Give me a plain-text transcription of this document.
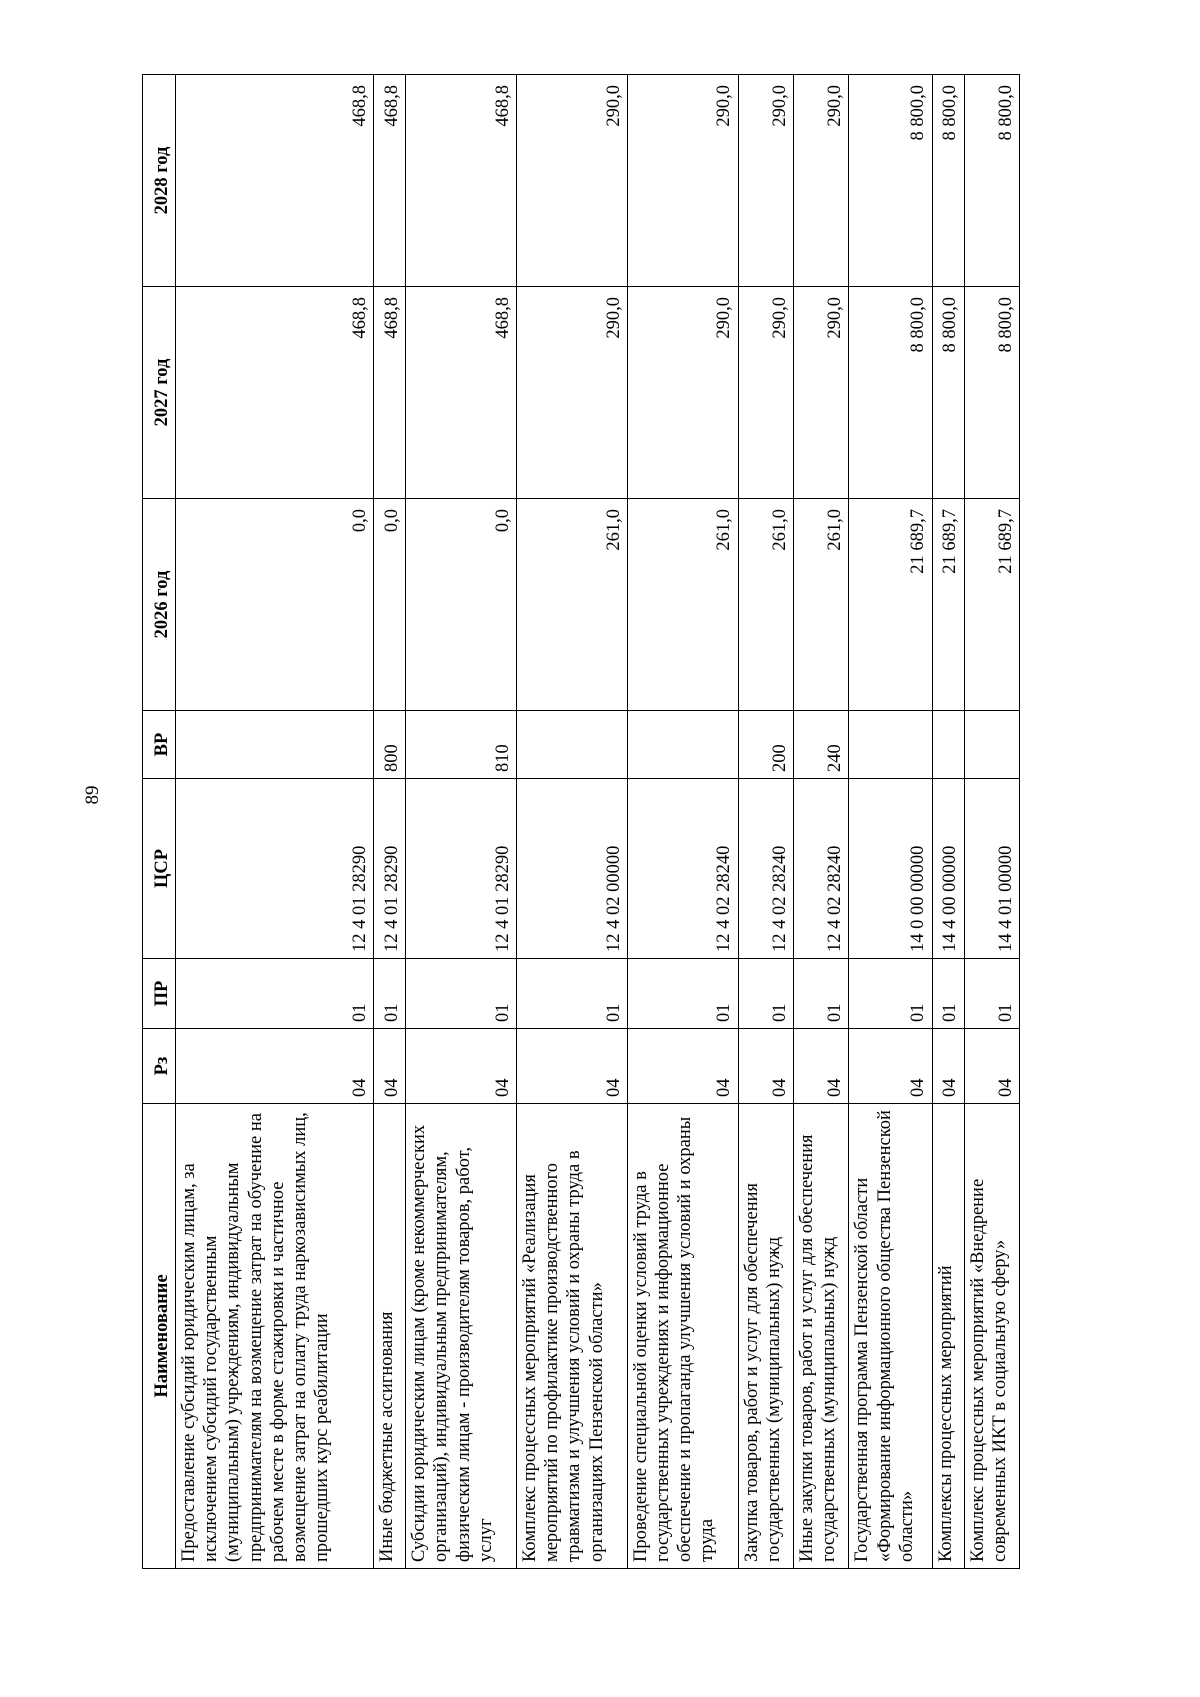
89
Наименование	Рз	ПР	ЦСР	ВР	2026 год	2027 год	2028 год
Предоставление субсидий юридическим лицам, за исключением субсидий государственным (муниципальным) учреждениям, индивидуальным предпринимателям на возмещение затрат на обучение на рабочем месте в форме стажировки и частичное возмещение затрат на оплату труда наркозависимых лиц, прошедших курс реабилитации	04	01	12 4 01 28290		0,0	468,8	468,8
Иные бюджетные ассигнования	04	01	12 4 01 28290	800	0,0	468,8	468,8
Субсидии юридическим лицам (кроме некоммерческих организаций), индивидуальным предпринимателям, физическим лицам - производителям товаров, работ, услуг	04	01	12 4 01 28290	810	0,0	468,8	468,8
Комплекс процессных мероприятий «Реализация мероприятий по профилактике производственного травматизма и улучшения условий и охраны труда в организациях Пензенской области»	04	01	12 4 02 00000		261,0	290,0	290,0
Проведение специальной оценки условий труда в государственных учреждениях и информационное обеспечение и пропаганда улучшения условий и охраны труда	04	01	12 4 02 28240		261,0	290,0	290,0
Закупка товаров, работ и услуг для обеспечения государственных (муниципальных) нужд	04	01	12 4 02 28240	200	261,0	290,0	290,0
Иные закупки товаров, работ и услуг для обеспечения государственных (муниципальных) нужд	04	01	12 4 02 28240	240	261,0	290,0	290,0
Государственная программа Пензенской области «Формирование информационного общества Пензенской области»	04	01	14 0 00 00000		21 689,7	8 800,0	8 800,0
Комплексы процессных мероприятий	04	01	14 4 00 00000		21 689,7	8 800,0	8 800,0
Комплекс процессных мероприятий «Внедрение современных ИКТ в социальную сферу»	04	01	14 4 01 00000		21 689,7	8 800,0	8 800,0
